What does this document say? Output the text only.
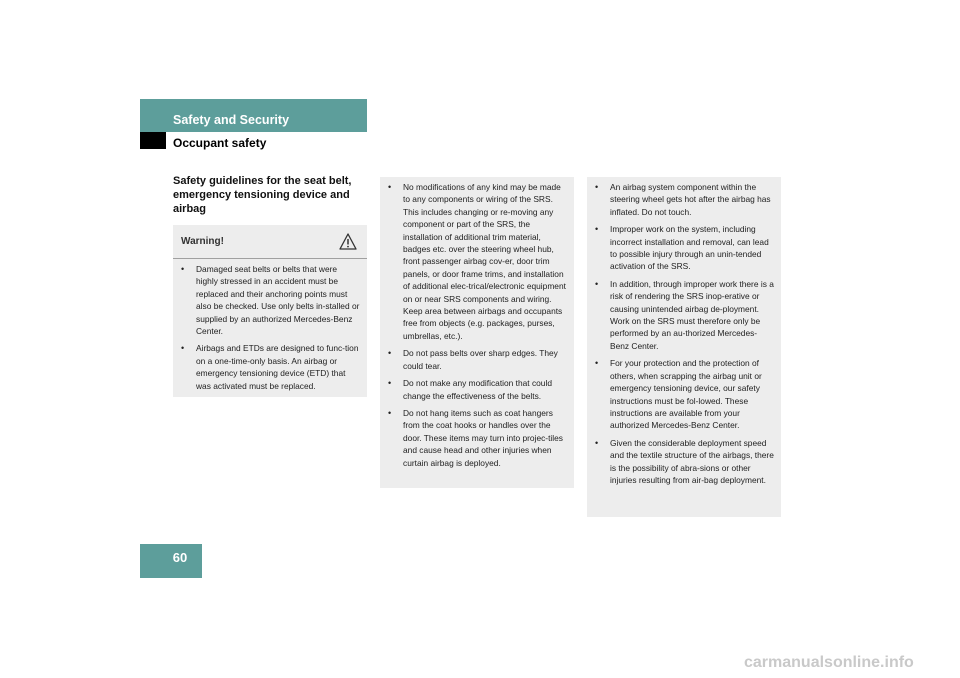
Safety and Security
Occupant safety
Safety guidelines for the seat belt, emergency tensioning device and airbag
Warning!
• Damaged seat belts or belts that were highly stressed in an accident must be replaced and their anchoring points must also be checked. Use only belts in-stalled or supplied by an authorized Mercedes-Benz Center.
• Airbags and ETDs are designed to func-tion on a one-time-only basis. An airbag or emergency tensioning device (ETD) that was activated must be replaced.
• No modifications of any kind may be made to any components or wiring of the SRS. This includes changing or re-moving any component or part of the SRS, the installation of additional trim material, badges etc. over the steering wheel hub, front passenger airbag cov-er, door trim panels, or door frame trims, and installation of additional elec-trical/electronic equipment on or near SRS components and wiring. Keep area between airbags and occupants free from objects (e.g. packages, purses, umbrellas, etc.).
• Do not pass belts over sharp edges. They could tear.
• Do not make any modification that could change the effectiveness of the belts.
• Do not hang items such as coat hangers from the coat hooks or handles over the door. These items may turn into projec-tiles and cause head and other injuries when curtain airbag is deployed.
• An airbag system component within the steering wheel gets hot after the airbag has inflated. Do not touch.
• Improper work on the system, including incorrect installation and removal, can lead to possible injury through an unin-tended activation of the SRS.
• In addition, through improper work there is a risk of rendering the SRS inop-erative or causing unintended airbag de-ployment. Work on the SRS must therefore only be performed by an au-thorized Mercedes-Benz Center.
• For your protection and the protection of others, when scrapping the airbag unit or emergency tensioning device, our safety instructions must be fol-lowed. These instructions are available from your authorized Mercedes-Benz Center.
• Given the considerable deployment speed and the textile structure of the airbags, there is the possibility of abra-sions or other injuries resulting from air-bag deployment.
60
carmanualsonline.info
